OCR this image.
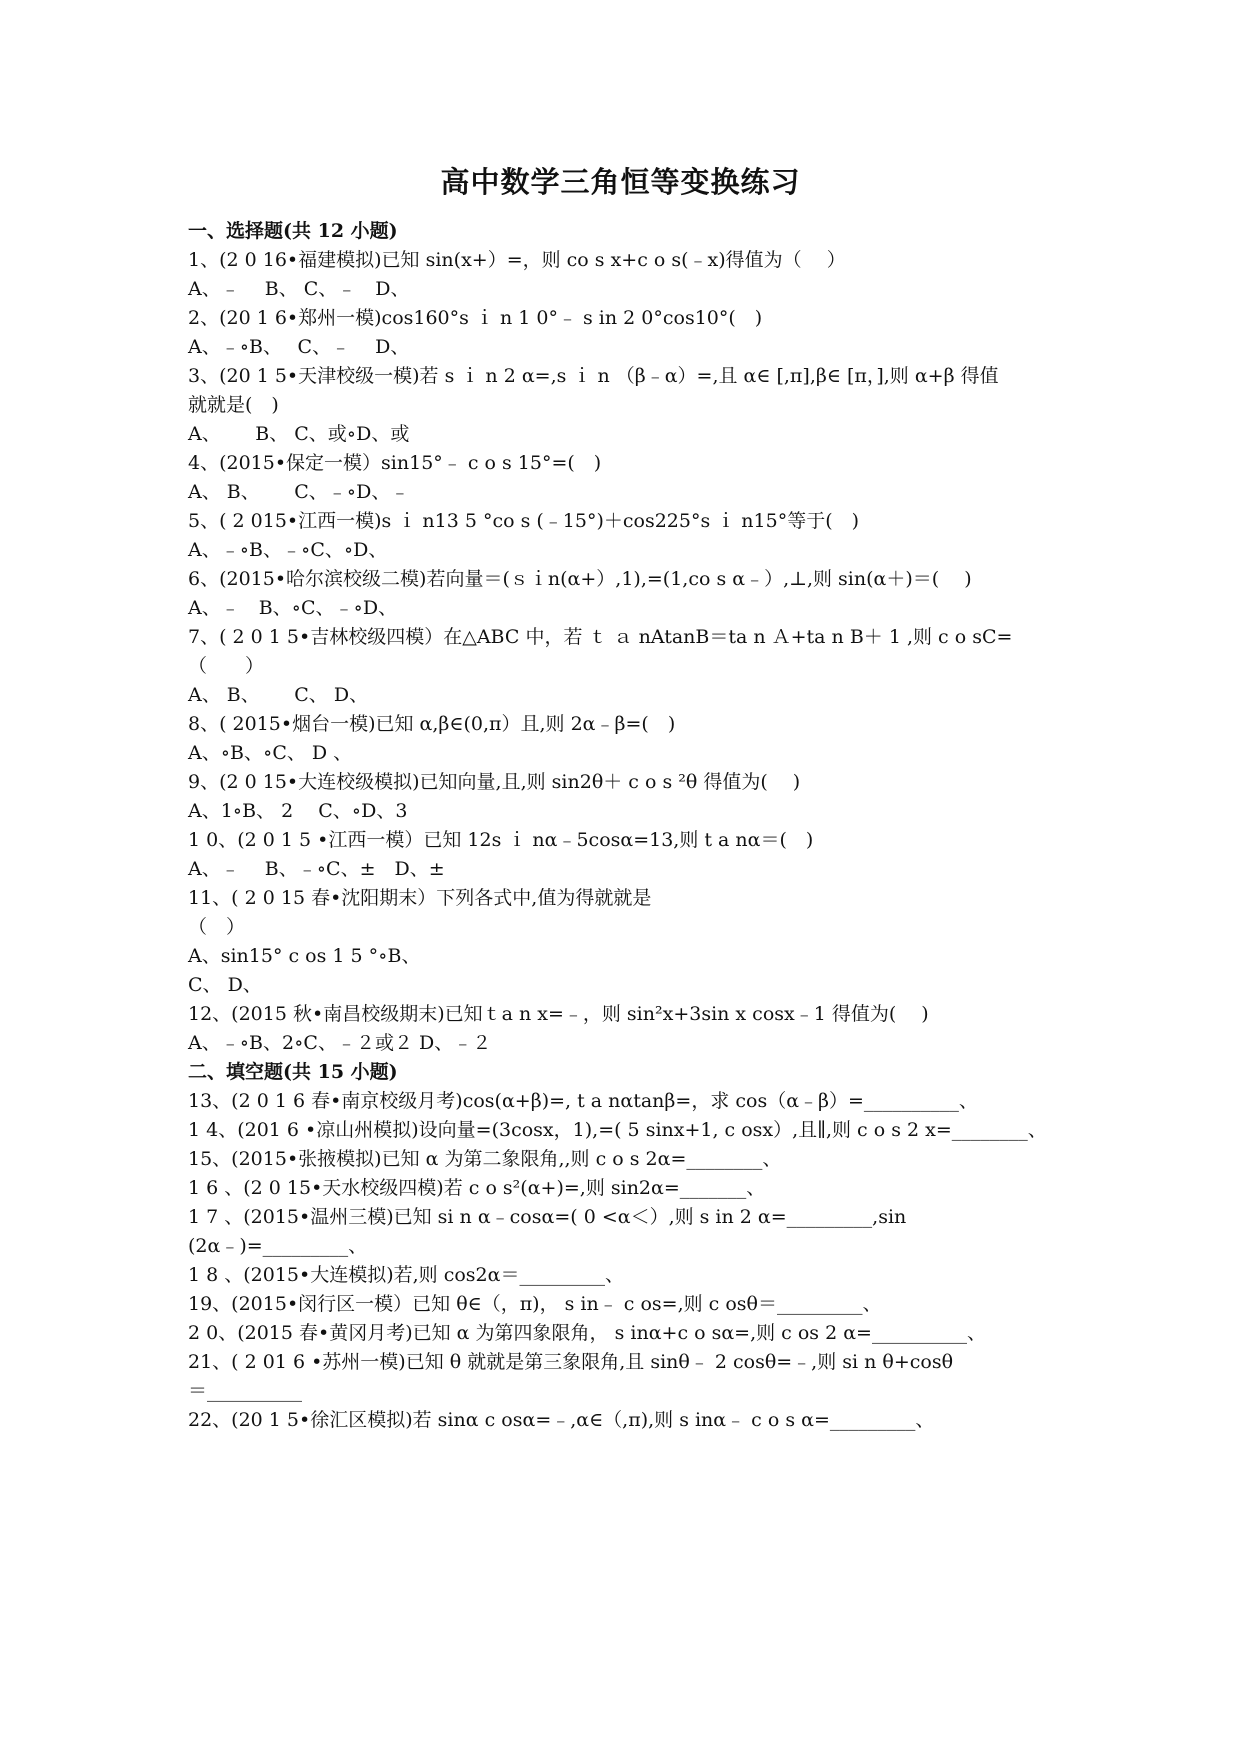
高中数学三角恒等变换练习
一、选择题(共 12 小题)
1、(2 0 16•福建模拟)已知 sin(x+）=，则 co s x+c o s(﹣x)得值为（　 ）
A、﹣　 B、 C、﹣　D、
2、(20 1 6•郑州一模)cos160°s ｉ n 1 0°﹣ s in 2 0°cos10°(　)
A、﹣∘B、　 C、﹣　 D、
3、(20 1 5•天津校级一模)若 s ｉ n 2 α=,s ｉ n （β﹣α）=,且 α∈ [,π],β∈ [π，],则 α+β 得值
就就是(　)
A、　　 B、 C、或∘D、或
4、(2015•保定一模）sin15°﹣ c o s 15°=(　)
A、 B、　　 C、﹣∘D、﹣
5、( 2 015•江西一模)s ｉ n13 5 °co s (﹣15°)＋cos225°s ｉ n15°等于(　)
A、﹣∘B、﹣∘C、∘D、
6、(2015•哈尔滨校级二模)若向量＝(ｓｉn(α+）,1),=(1,co s α﹣）,⊥,则 sin(α＋)＝(　 )
A、﹣　B、∘C、﹣∘D、
7、( 2 0 1 5•吉林校级四模）在△ABC 中，若 ｔ ａ nAtanB＝ta n Ａ+ta n B＋ 1 ,则 c o sC=
（　　）
A、 B、　　 C、 D、
8、( 2015•烟台一模)已知 α,β∈(0,π）且,则 2α﹣β=(　)
A、∘B、∘C、 D 、
9、(2 0 15•大连校级模拟)已知向量,且,则 sin2θ＋ c o s ²θ 得值为(　 )
A、1∘B、 2 　C、∘D、3
1 0、(2 0 1 5 •江西一模）已知 12s ｉ nα﹣5cosα=13,则 t a nα＝(　)
A、﹣　 B、﹣∘C、±　D、±
11、( 2 0 15 春•沈阳期末）下列各式中,值为得就就是
（　）
A、sin15° c os 1 5 °∘B、
C、 D、
12、(2015 秋•南昌校级期末)已知ｔa n x=﹣，则 sin²x+3sin x cosx﹣1 得值为(　 )
A、﹣∘B、2∘C、﹣２或２ D、﹣２
二、填空题(共 15 小题)
13、(2 0 1 6 春•南京校级月考)cos(α+β)=, t a nαtanβ=，求 cos（α﹣β）=__________、
1 4、(201 6 •凉山州模拟)设向量=(3cosx，1),=( 5 sinx+1, c osx）,且∥,则 c o s 2 x=________、
15、(2015•张掖模拟)已知 α 为第二象限角,,则 c o s 2α=________、
1 6 、(2 0 15•天水校级四模)若 c o s²(α+)=,则 sin2α=_______、
1 7 、(2015•温州三模)已知 si n α﹣cosα=( 0 <α＜）,则 s in 2 α=_________,sin
(2α﹣)=_________、
1 8 、(2015•大连模拟)若,则 cos2α＝_________、
19、(2015•闵行区一模）已知 θ∈（，π)， s in﹣ c os=,则 c osθ＝_________、
2 0、(2015 春•黄冈月考)已知 α 为第四象限角， s inα+c o sα=,则 c os 2 α=__________、
21、( 2 01 6 •苏州一模)已知 θ 就就是第三象限角,且 sinθ﹣ 2 cosθ=﹣,则 si n θ+cosθ
＝__________
22、(20 1 5•徐汇区模拟)若 sinα c osα=﹣,α∈（,π),则 s inα﹣ c o s α=_________、
